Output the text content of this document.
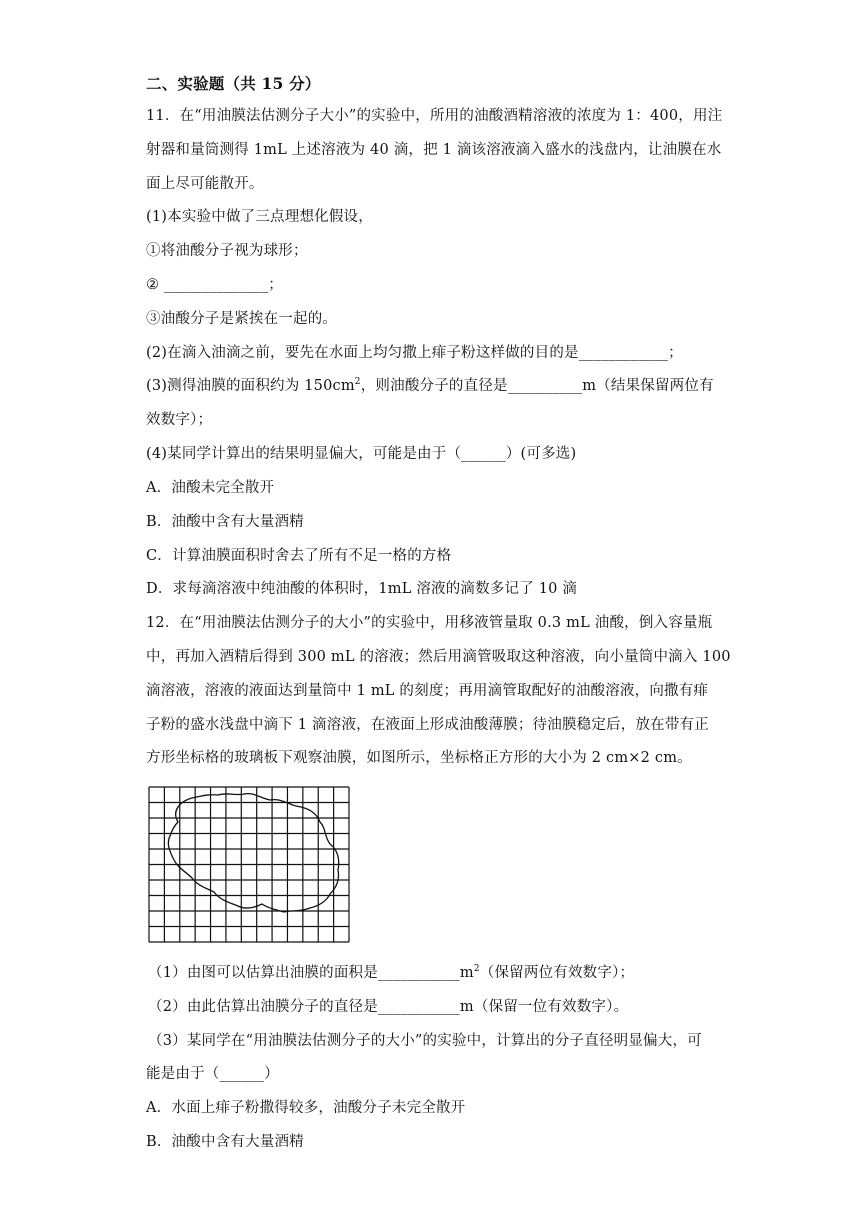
二、实验题（共 15 分）
11．在“用油膜法估测分子大小”的实验中，所用的油酸酒精溶液的浓度为 1：400，用注
射器和量筒测得 1mL 上述溶液为 40 滴，把 1 滴该溶液滴入盛水的浅盘内，让油膜在水
面上尽可能散开。
(1)本实验中做了三点理想化假设，
①将油酸分子视为球形；
② ______________；
③油酸分子是紧挨在一起的。
(2)在滴入油滴之前，要先在水面上均匀撒上痱子粉这样做的目的是____________；
(3)测得油膜的面积约为 $150cm^2$，则油酸分子的直径是__________m（结果保留两位有
效数字）；
(4)某同学计算出的结果明显偏大，可能是由于（______）(可多选)
A．油酸未完全散开
B．油酸中含有大量酒精
C．计算油膜面积时舍去了所有不足一格的方格
D．求每滴溶液中纯油酸的体积时，1mL 溶液的滴数多记了 10 滴
12．在“用油膜法估测分子的大小”的实验中，用移液管量取 0.3 mL 油酸，倒入容量瓶
中，再加入酒精后得到 300 mL 的溶液；然后用滴管吸取这种溶液，向小量筒中滴入 100
滴溶液，溶液的液面达到量筒中 1 mL 的刻度；再用滴管取配好的油酸溶液，向撒有痱
子粉的盛水浅盘中滴下 1 滴溶液，在液面上形成油酸薄膜；待油膜稳定后，放在带有正
方形坐标格的玻璃板下观察油膜，如图所示，坐标格正方形的大小为 2 cm×2 cm。
（1）由图可以估算出油膜的面积是$\_\_\_\_\_\_\_\_\_\_\_m^2$（保留两位有效数字）；
（2）由此估算出油膜分子的直径是___________m（保留一位有效数字）。
（3）某同学在“用油膜法估测分子的大小”的实验中，计算出的分子直径明显偏大，可
能是由于（______）
A．水面上痱子粉撒得较多，油酸分子未完全散开
B．油酸中含有大量酒精
